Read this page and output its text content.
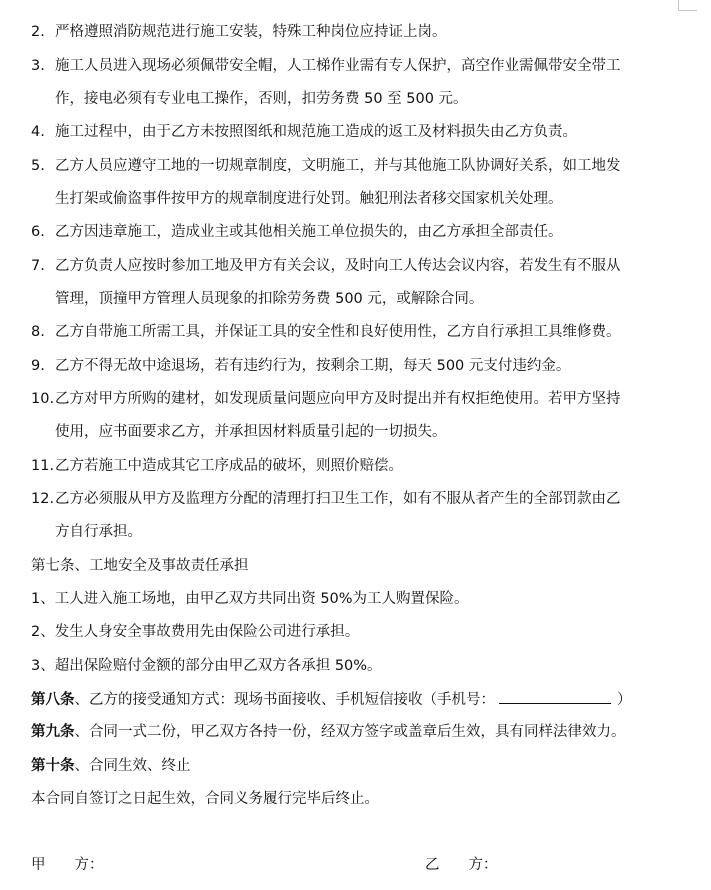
2. 严格遵照消防规范进行施工安装，特殊工种岗位应持证上岗。
3. 施工人员进入现场必须佩带安全帽，人工梯作业需有专人保护，高空作业需佩带安全带工
作，接电必须有专业电工操作，否则，扣劳务费 50 至 500 元。
4. 施工过程中，由于乙方未按照图纸和规范施工造成的返工及材料损失由乙方负责。
5. 乙方人员应遵守工地的一切规章制度，文明施工，并与其他施工队协调好关系，如工地发
生打架或偷盗事件按甲方的规章制度进行处罚。触犯刑法者移交国家机关处理。
6. 乙方因违章施工，造成业主或其他相关施工单位损失的，由乙方承担全部责任。
7. 乙方负责人应按时参加工地及甲方有关会议，及时向工人传达会议内容，若发生有不服从
管理，顶撞甲方管理人员现象的扣除劳务费 500 元，或解除合同。
8. 乙方自带施工所需工具，并保证工具的安全性和良好使用性，乙方自行承担工具维修费。
9. 乙方不得无故中途退场，若有违约行为，按剩余工期，每天 500 元支付违约金。
10. 乙方对甲方所购的建材，如发现质量问题应向甲方及时提出并有权拒绝使用。若甲方坚持
使用，应书面要求乙方，并承担因材料质量引起的一切损失。
11. 乙方若施工中造成其它工序成品的破坏，则照价赔偿。
12. 乙方必须服从甲方及监理方分配的清理打扫卫生工作，如有不服从者产生的全部罚款由乙
方自行承担。
第七条、工地安全及事故责任承担
1、工人进入施工场地，由甲乙双方共同出资 50%为工人购置保险。
2、发生人身安全事故费用先由保险公司进行承担。
3、超出保险赔付金额的部分由甲乙双方各承担 50%。
第八条、乙方的接受通知方式：现场书面接收、手机短信接收（手机号：	）
第九条、合同一式二份，甲乙双方各持一份，经双方签字或盖章后生效，具有同样法律效力。
第十条、合同生效、终止
本合同自签订之日起生效，合同义务履行完毕后终止。
甲　　方：	乙　　方：
